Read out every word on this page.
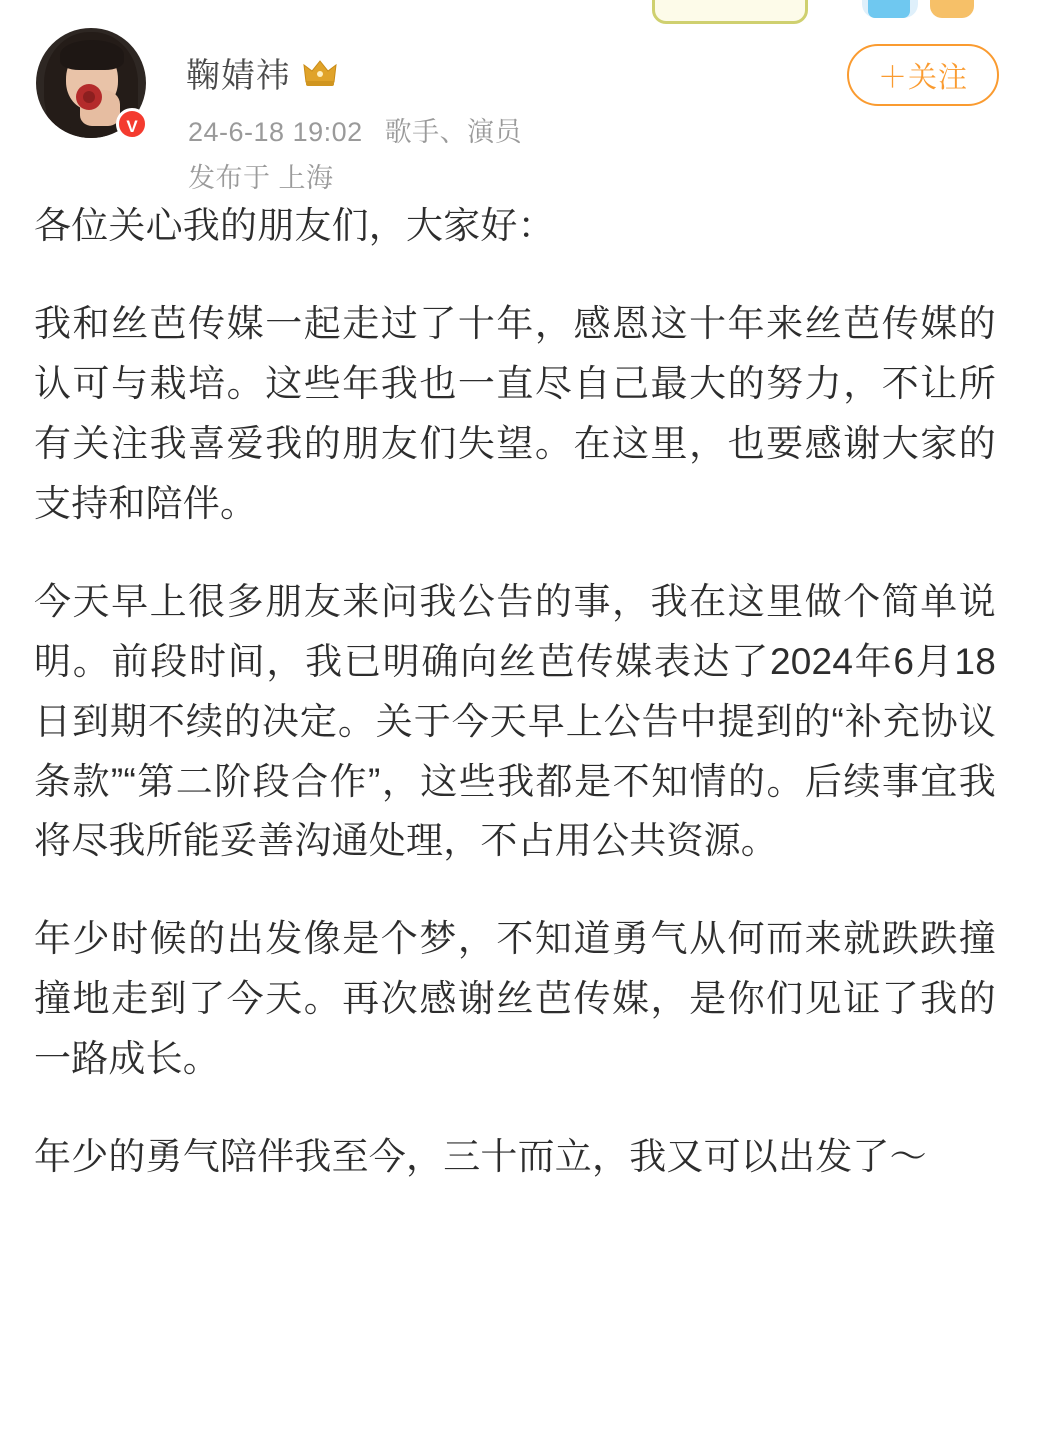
V
鞠婧祎
24-6-18 19:02 歌手、演员
发布于 上海
＋关注

各位关心我的朋友们，大家好：

我和丝芭传媒一起走过了十年，感恩这十年来丝芭传媒的认可与栽培。这些年我也一直尽自己最大的努力，不让所有关注我喜爱我的朋友们失望。在这里，也要感谢大家的支持和陪伴。

今天早上很多朋友来问我公告的事，我在这里做个简单说明。前段时间，我已明确向丝芭传媒表达了2024年6月18日到期不续的决定。关于今天早上公告中提到的“补充协议条款”“第二阶段合作”，这些我都是不知情的。后续事宜我将尽我所能妥善沟通处理，不占用公共资源。

年少时候的出发像是个梦，不知道勇气从何而来就跌跌撞撞地走到了今天。再次感谢丝芭传媒，是你们见证了我的一路成长。

年少的勇气陪伴我至今，三十而立，我又可以出发了～
